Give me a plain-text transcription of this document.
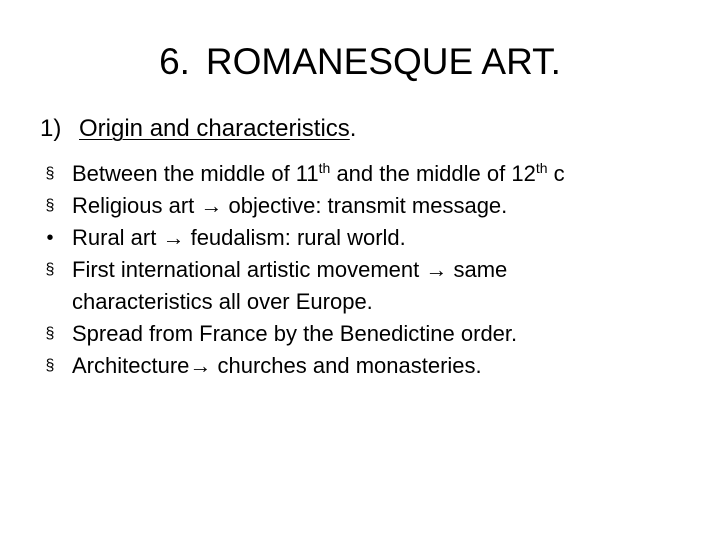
6. ROMANESQUE ART.
1) Origin and characteristics.
§ Between the middle of 11th and the middle of 12th c
§ Religious art → objective: transmit message.
• Rural art → feudalism: rural world.
§ First international artistic movement → same
characteristics all over Europe.
§ Spread from France by the Benedictine order.
§ Architecture→ churches and monasteries.
